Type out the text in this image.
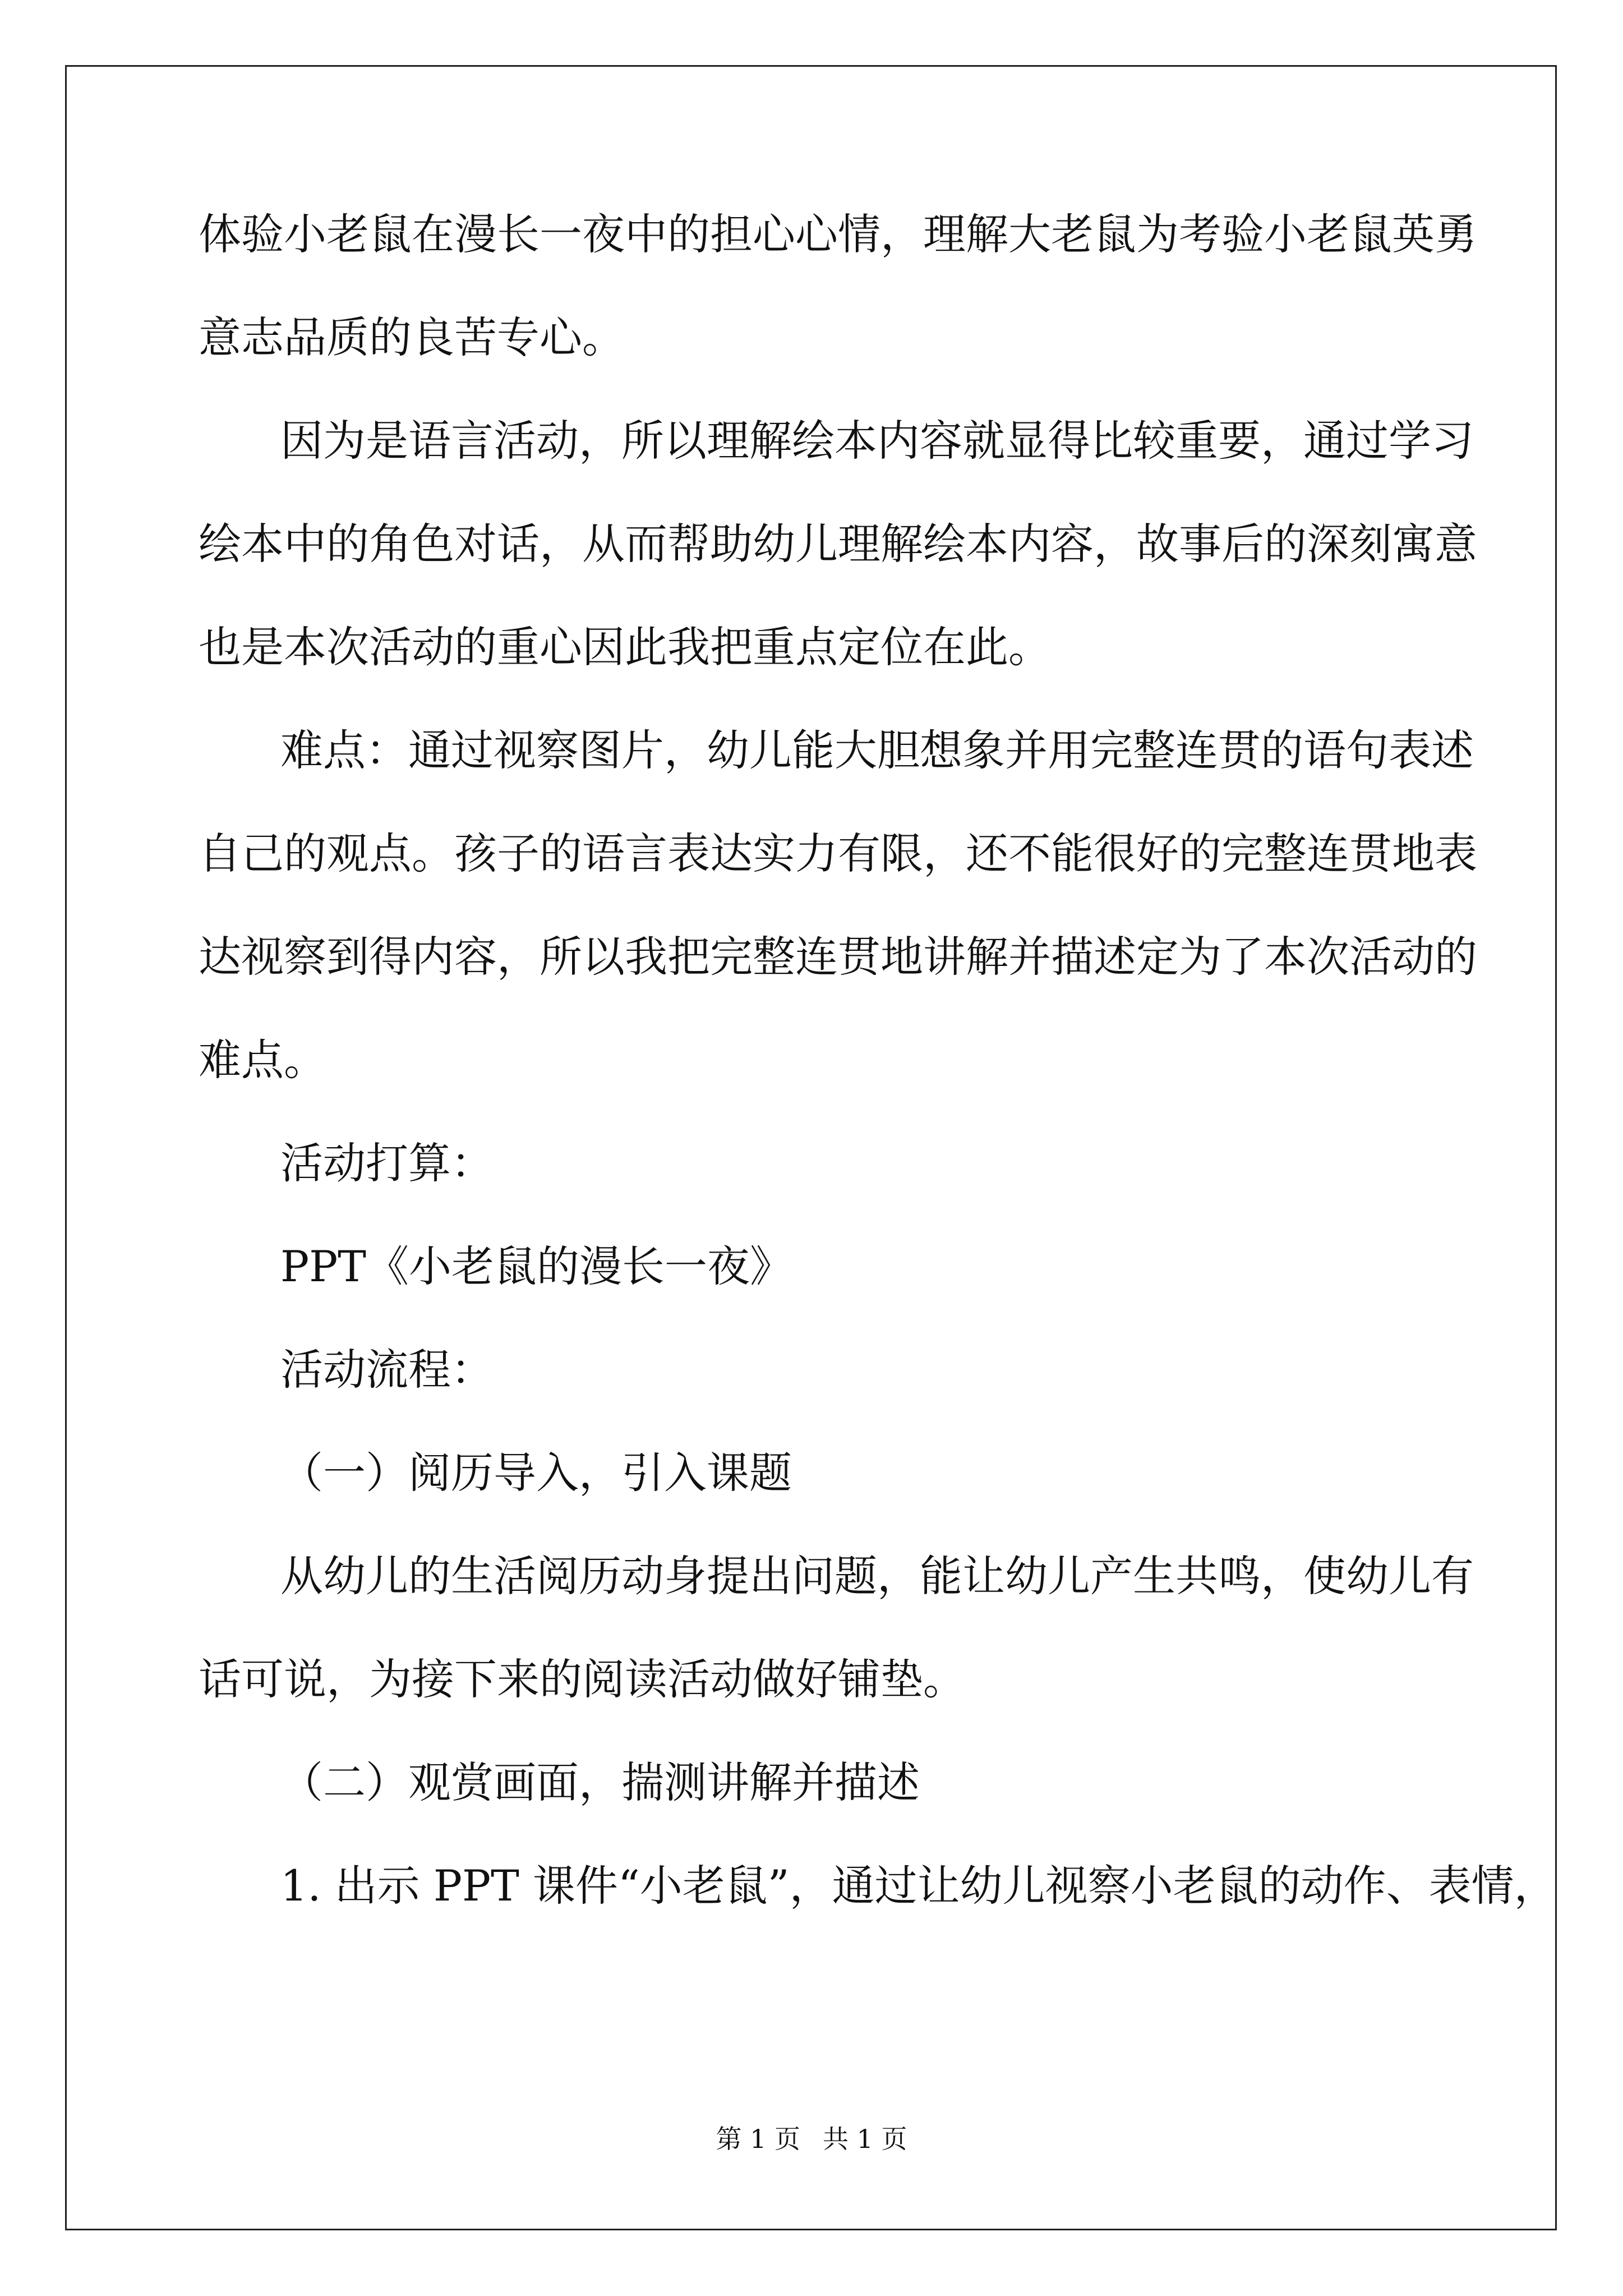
体验小老鼠在漫长一夜中的担心心情，理解大老鼠为考验小老鼠英勇
意志品质的良苦专心。
因为是语言活动，所以理解绘本内容就显得比较重要，通过学习
绘本中的角色对话，从而帮助幼儿理解绘本内容，故事后的深刻寓意
也是本次活动的重心因此我把重点定位在此。
难点：通过视察图片，幼儿能大胆想象并用完整连贯的语句表述
自己的观点。孩子的语言表达实力有限，还不能很好的完整连贯地表
达视察到得内容，所以我把完整连贯地讲解并描述定为了本次活动的
难点。
活动打算：
PPT《小老鼠的漫长一夜》
活动流程：
（一）阅历导入，引入课题
从幼儿的生活阅历动身提出问题，能让幼儿产生共鸣，使幼儿有
话可说，为接下来的阅读活动做好铺垫。
（二）观赏画面，揣测讲解并描述
1. 出示 PPT 课件“小老鼠”，通过让幼儿视察小老鼠的动作、表情，
第 1 页 共 1 页
